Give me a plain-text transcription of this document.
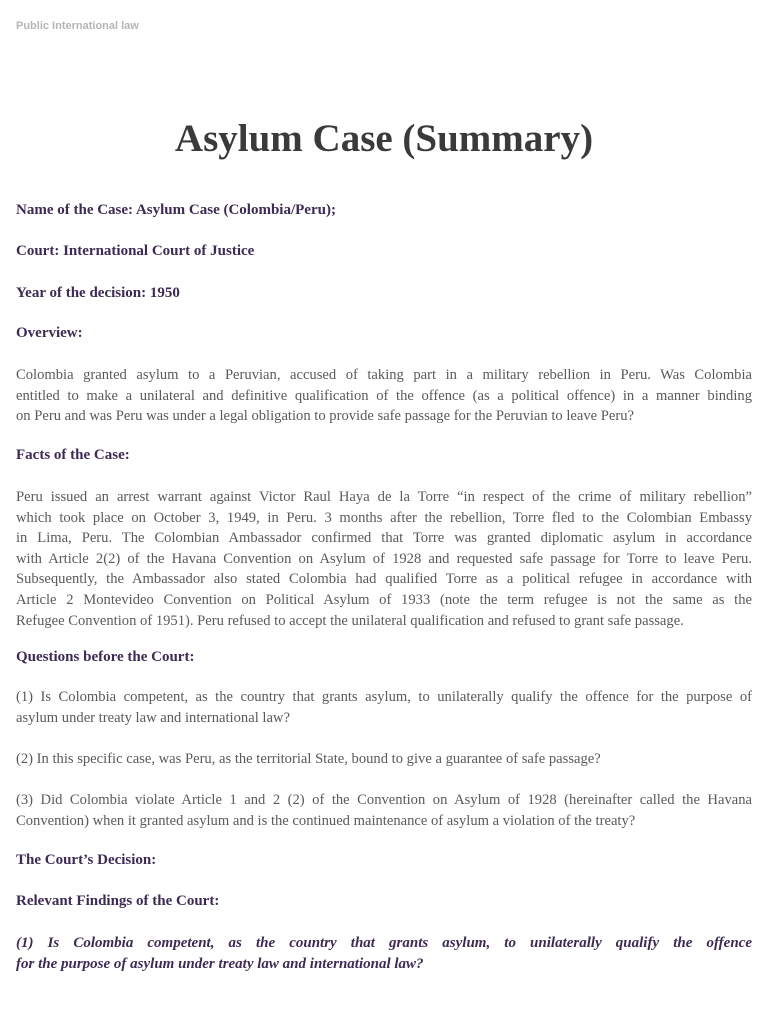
Public International law
Asylum Case (Summary)
Name of the Case: Asylum Case (Colombia/Peru);
Court: International Court of Justice
Year of the decision: 1950
Overview:
Colombia granted asylum to a Peruvian, accused of taking part in a military rebellion in Peru. Was Colombia
entitled to make a unilateral and definitive qualification of the offence (as a political offence) in a manner binding
on Peru and was Peru was under a legal obligation to provide safe passage for the Peruvian to leave Peru?
Facts of the Case:
Peru issued an arrest warrant against Victor Raul Haya de la Torre “in respect of the crime of military rebellion”
which took place on October 3, 1949, in Peru. 3 months after the rebellion, Torre fled to the Colombian Embassy
in Lima, Peru. The Colombian Ambassador confirmed that Torre was granted diplomatic asylum in accordance
with Article 2(2) of the Havana Convention on Asylum of 1928 and requested safe passage for Torre to leave Peru.
Subsequently, the Ambassador also stated Colombia had qualified Torre as a political refugee in accordance with
Article 2 Montevideo Convention on Political Asylum of 1933 (note the term refugee is not the same as the
Refugee Convention of 1951). Peru refused to accept the unilateral qualification and refused to grant safe passage.
Questions before the Court:
(1) Is Colombia competent, as the country that grants asylum, to unilaterally qualify the offence for the purpose of
asylum under treaty law and international law?
(2) In this specific case, was Peru, as the territorial State, bound to give a guarantee of safe passage?
(3) Did Colombia violate Article 1 and 2 (2) of the Convention on Asylum of 1928 (hereinafter called the Havana
Convention) when it granted asylum and is the continued maintenance of asylum a violation of the treaty?
The Court’s Decision:
Relevant Findings of the Court:
(1) Is Colombia competent, as the country that grants asylum, to unilaterally qualify the offence
for the purpose of asylum under treaty law and international law?
